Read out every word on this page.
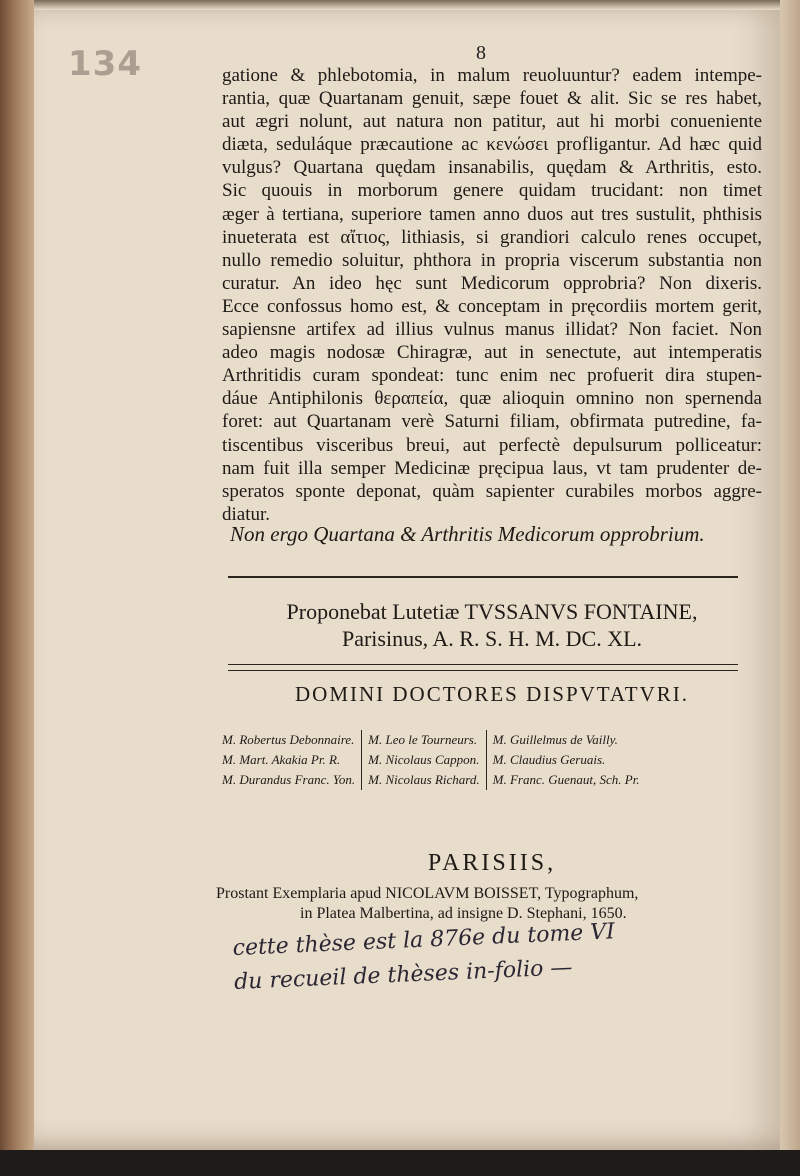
134	8
gatione & phlebotomia, in malum reuoluuntur? eadem intempe-
rantia, quæ Quartanam genuit, sæpe fouet & alit. Sic se res habet,
aut ægri nolunt, aut natura non patitur, aut hi morbi conueniente
diæta, seduláque præcautione ac κενώσει profligantur. Ad hæc quid
vulgus? Quartana quędam insanabilis, quędam & Arthritis, esto.
Sic quouis in morborum genere quidam trucidant: non timet
æger à tertiana, superiore tamen anno duos aut tres sustulit, phthisis
inueterata est αἴτιος, lithiasis, si grandiori calculo renes occupet,
nullo remedio soluitur, phthora in propria viscerum substantia non
curatur. An ideo hęc sunt Medicorum opprobria? Non dixeris.
Ecce confossus homo est, & conceptam in pręcordiis mortem gerit,
sapiensne artifex ad illius vulnus manus illidat? Non faciet. Non
adeo magis nodosæ Chiragræ, aut in senectute, aut intemperatis
Arthritidis curam spondeat: tunc enim nec profuerit dira stupen-
dáue Antiphilonis θεραπεία, quæ alioquin omnino non spernenda
foret: aut Quartanam verè Saturni filiam, obfirmata putredine, fa-
tiscentibus visceribus breui, aut perfectè depulsurum polliceatur:
nam fuit illa semper Medicinæ pręcipua laus, vt tam prudenter de-
speratos sponte deponat, quàm sapienter curabiles morbos aggre-
diatur.
Non ergo Quartana & Arthritis Medicorum opprobrium.
Proponebat Lutetiæ TVSSANVS FONTAINE,
Parisinus, A. R. S. H. M. DC. XL.
DOMINI DOCTORES DISPVTATVRI.
M. Robertus Debonnaire.
M. Mart. Akakia Pr. R.
M. Durandus Franc. Yon.
M. Leo le Tourneurs.
M. Nicolaus Cappon.
M. Nicolaus Richard.
M. Guillelmus de Vailly.
M. Claudius Geruais.
M. Franc. Guenaut, Sch. Pr.
PARISIIS,
Prostant Exemplaria apud NICOLAVM BOISSET, Typographum,
in Platea Malbertina, ad insigne D. Stephani, 1650.
cette thèse est la 876e du tome VI
du recueil de thèses in-folio —
